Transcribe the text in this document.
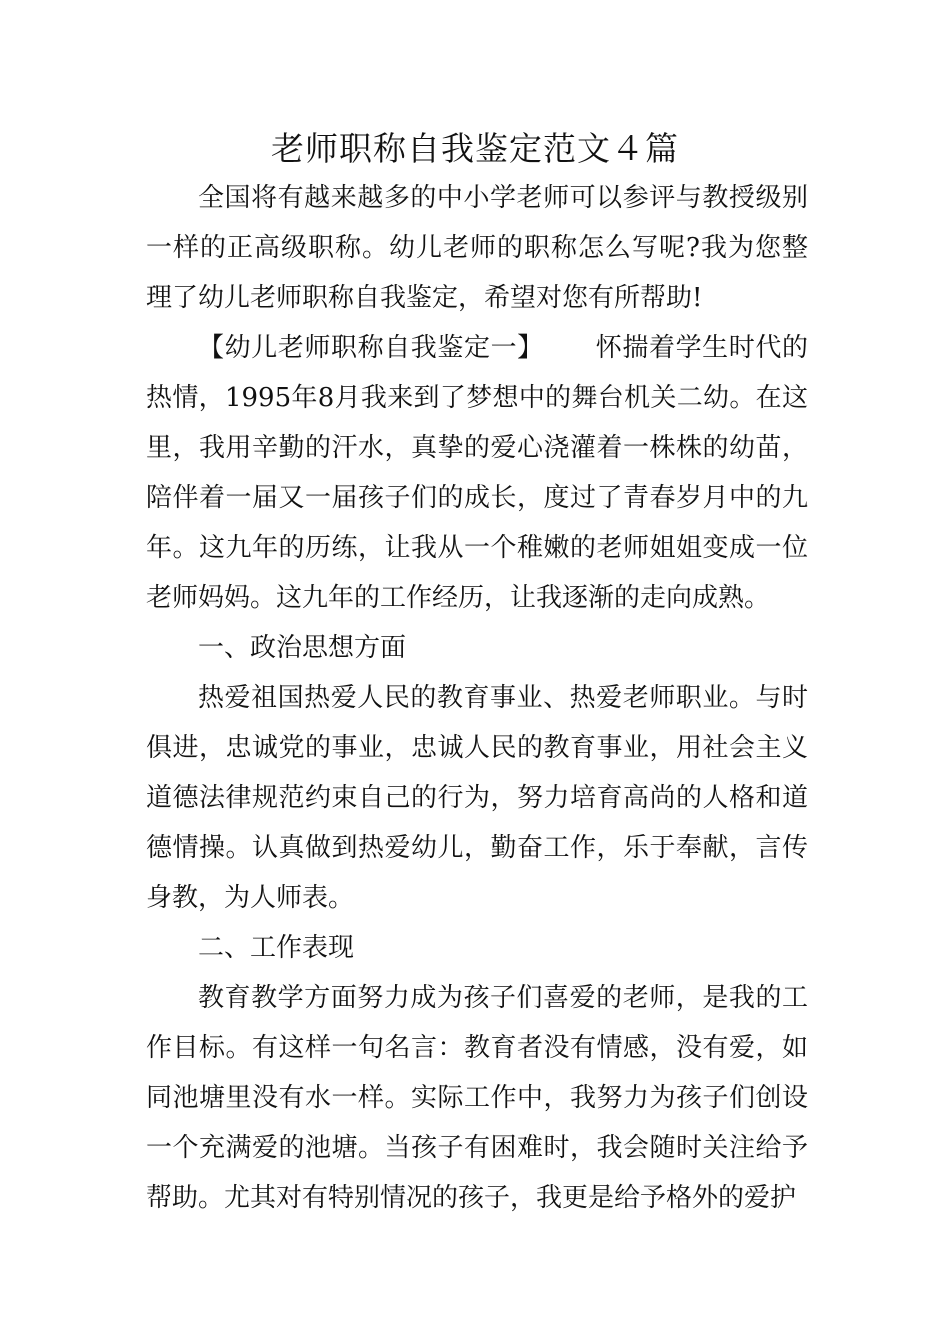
老师职称自我鉴定范文４篇

全国将有越来越多的中小学老师可以参评与教授级别一样的正高级职称。幼儿老师的职称怎么写呢?我为您整理了幼儿老师职称自我鉴定，希望对您有所帮助!

【幼儿老师职称自我鉴定一】 怀揣着学生时代的热情，1995年8月我来到了梦想中的舞台机关二幼。在这里，我用辛勤的汗水，真挚的爱心浇灌着一株株的幼苗，陪伴着一届又一届孩子们的成长，度过了青春岁月中的九年。这九年的历练，让我从一个稚嫩的老师姐姐变成一位老师妈妈。这九年的工作经历，让我逐渐的走向成熟。

一、政治思想方面

热爱祖国热爱人民的教育事业、热爱老师职业。与时俱进，忠诚党的事业，忠诚人民的教育事业，用社会主义道德法律规范约束自己的行为，努力培育高尚的人格和道德情操。认真做到热爱幼儿，勤奋工作，乐于奉献，言传身教，为人师表。

二、工作表现

教育教学方面努力成为孩子们喜爱的老师，是我的工作目标。有这样一句名言：教育者没有情感，没有爱，如同池塘里没有水一样。实际工作中，我努力为孩子们创设一个充满爱的池塘。当孩子有困难时，我会随时关注给予帮助。尤其对有特别情况的孩子，我更是给予格外的爱护
